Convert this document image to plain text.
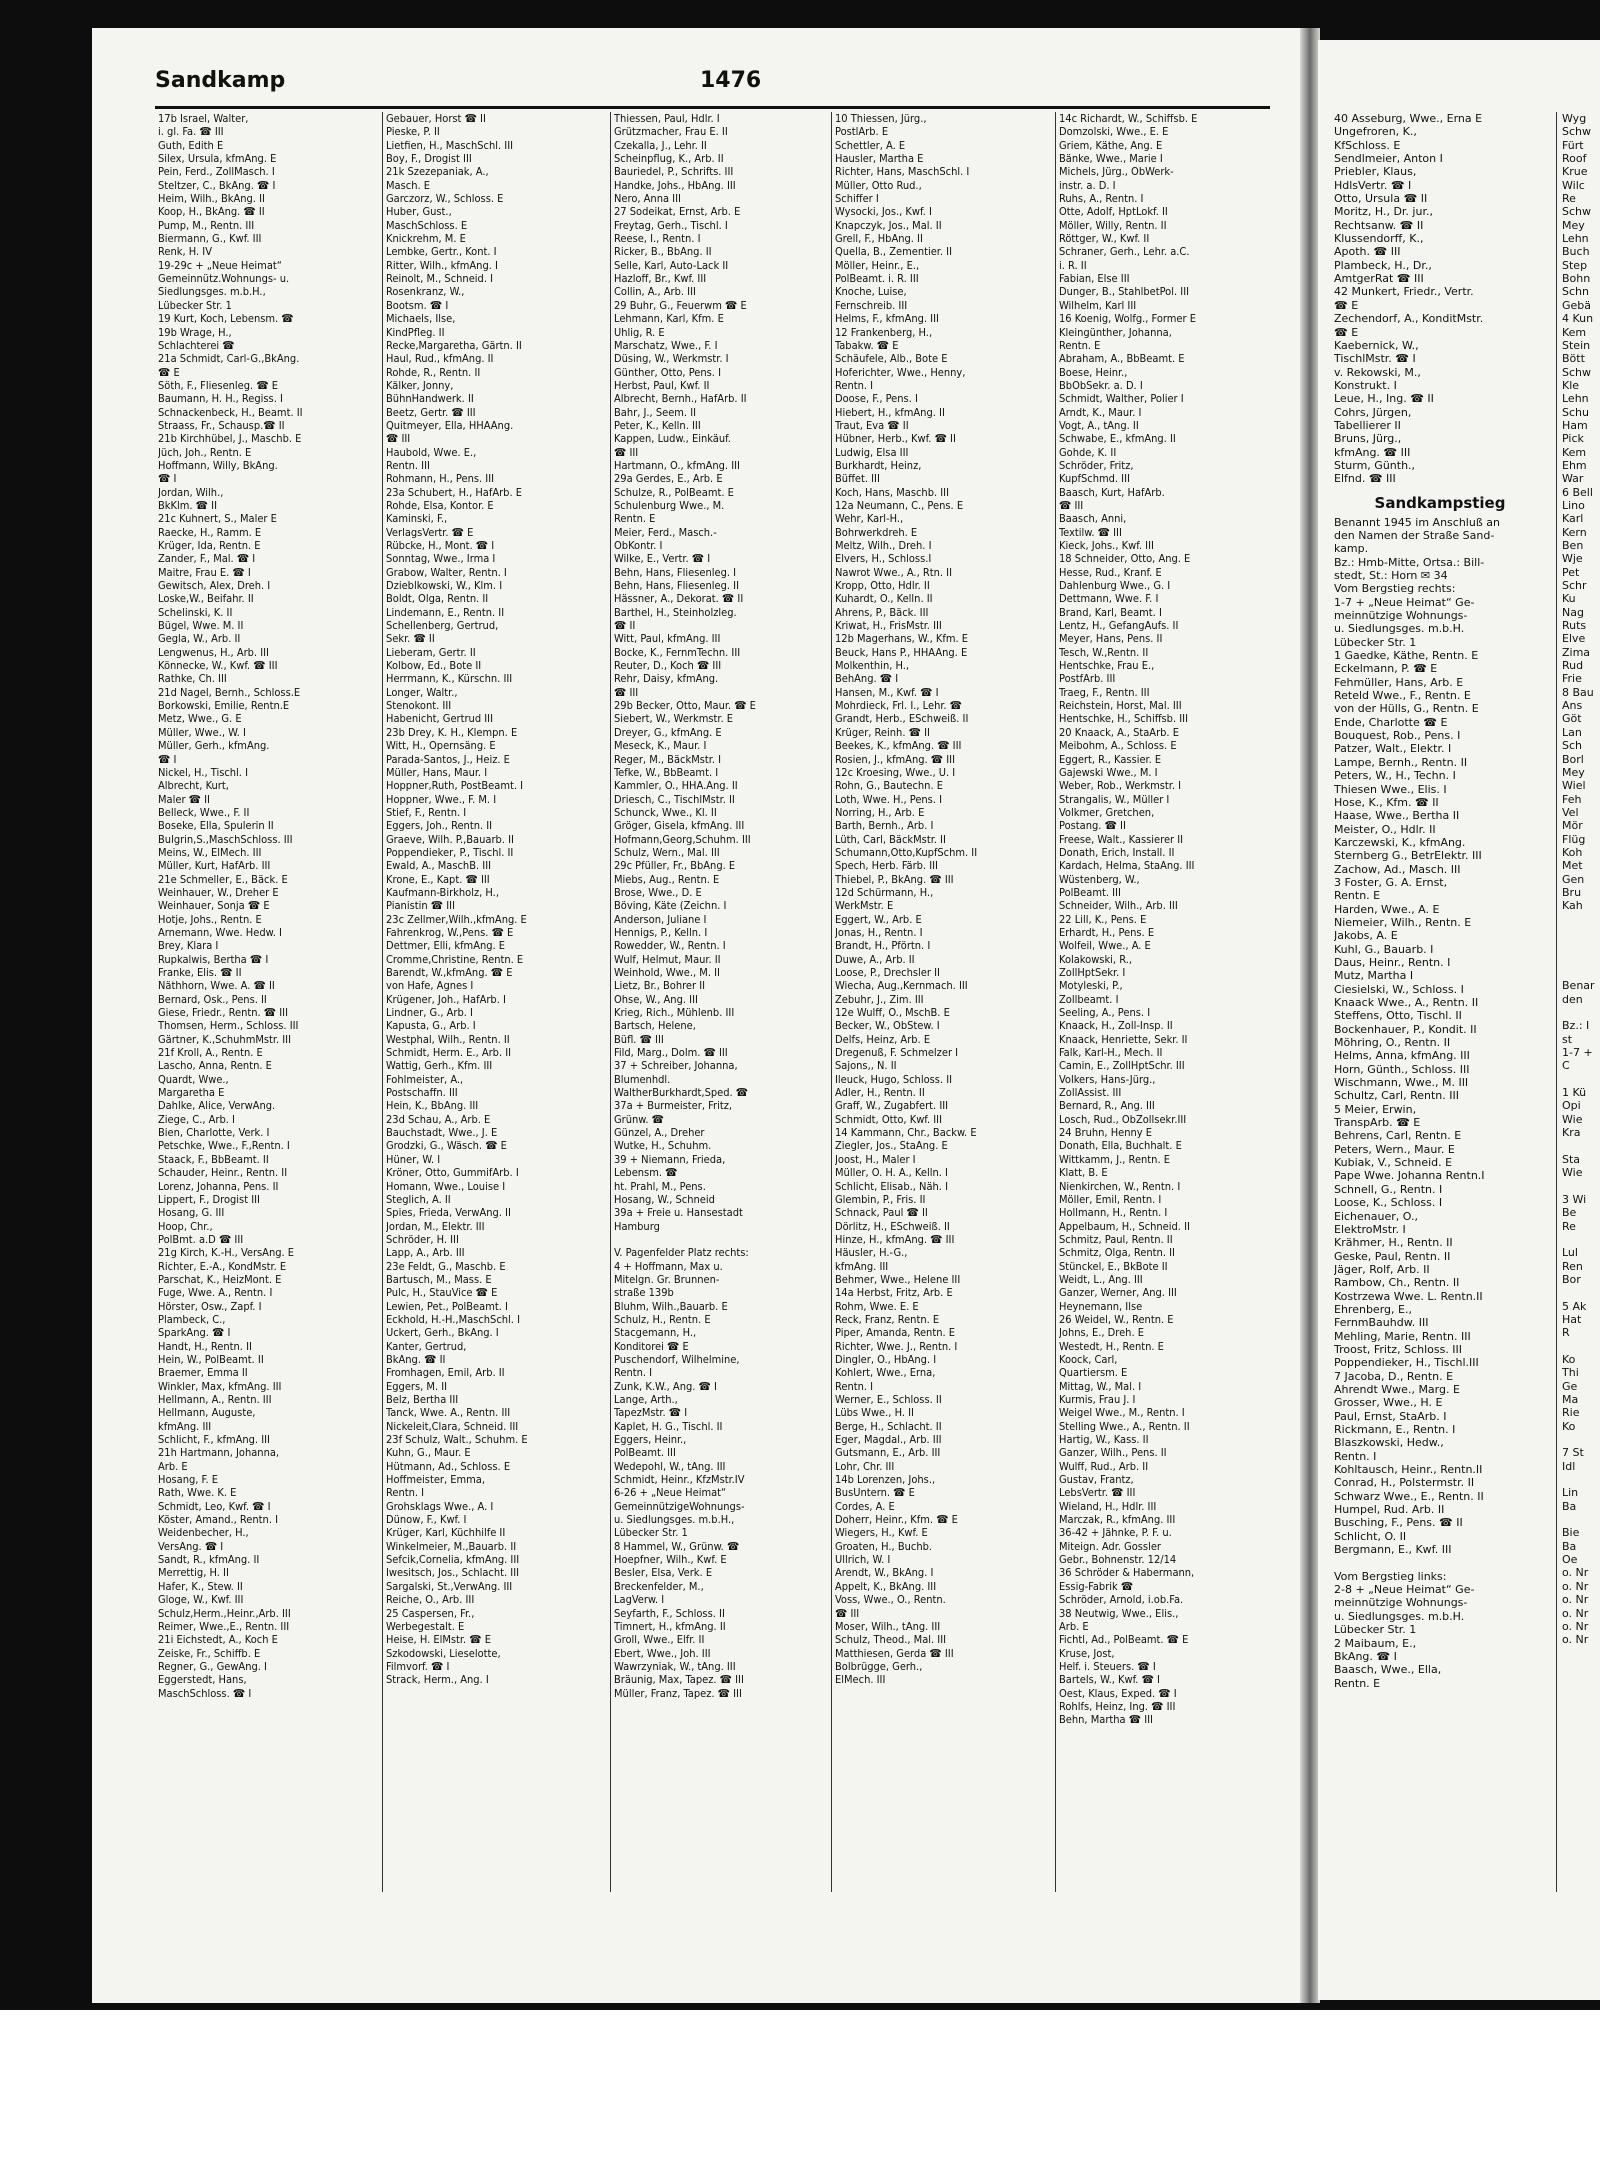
Sandkamp	1476
17b Israel, Walter,
i. gl. Fa. ☎ III
Guth, Edith E
Silex, Ursula, kfmAng. E
Pein, Ferd., ZollMasch. I
Steltzer, C., BkAng. ☎ I
Heim, Wilh., BkAng. II
Koop, H., BkAng. ☎ II
Pump, M., Rentn. III
Biermann, G., Kwf. III
Renk, H. IV
19-29c + „Neue Heimat“
Gemeinnütz.Wohnungs- u.
Siedlungsges. m.b.H.,
Lübecker Str. 1
19 Kurt, Koch, Lebensm. ☎
19b Wrage, H.,
Schlachterei ☎
21a Schmidt, Carl-G.,BkAng.
☎ E
Söth, F., Fliesenleg. ☎ E
Baumann, H. H., Regiss. I
Schnackenbeck, H., Beamt. II
Straass, Fr., Schausp.☎ II
21b Kirchhübel, J., Maschb. E
Jüch, Joh., Rentn. E
Hoffmann, Willy, BkAng.
☎ I
Jordan, Wilh.,
BkKlm. ☎ II
21c Kuhnert, S., Maler E
Raecke, H., Ramm. E
Krüger, Ida, Rentn. E
Zander, F., Mal. ☎ I
Maitre, Frau E. ☎ I
Gewitsch, Alex, Dreh. I
Loske,W., Beifahr. II
Schelinski, K. II
Bügel, Wwe. M. II
Gegla, W., Arb. II
Lengwenus, H., Arb. III
Könnecke, W., Kwf. ☎ III
Rathke, Ch. III
21d Nagel, Bernh., Schloss.E
Borkowski, Emilie, Rentn.E
Metz, Wwe., G. E
Müller, Wwe., W. I
Müller, Gerh., kfmAng.
☎ I
Nickel, H., Tischl. I
Albrecht, Kurt,
Maler ☎ II
Belleck, Wwe., F. II
Boseke, Ella, Spulerin II
Bulgrin,S.,MaschSchloss. III
Meins, W., ElMech. III
Müller, Kurt, HafArb. III
21e Schmeller, E., Bäck. E
Weinhauer, W., Dreher E
Weinhauer, Sonja ☎ E
Hotje, Johs., Rentn. E
Arnemann, Wwe. Hedw. I
Brey, Klara I
Rupkalwis, Bertha ☎ I
Franke, Elis. ☎ II
Näthhorn, Wwe. A. ☎ II
Bernard, Osk., Pens. II
Giese, Friedr., Rentn. ☎ III
Thomsen, Herm., Schloss. III
Gärtner, K.,SchuhmMstr. III
21f Kroll, A., Rentn. E
Lascho, Anna, Rentn. E
Quardt, Wwe.,
Margaretha E
Dahlke, Alice, VerwAng.
Ziege, C., Arb. I
Bien, Charlotte, Verk. I
Petschke, Wwe., F.,Rentn. I
Staack, F., BbBeamt. II
Schauder, Heinr., Rentn. II
Lorenz, Johanna, Pens. II
Lippert, F., Drogist III
Hosang, G. III
Hoop, Chr.,
PolBmt. a.D ☎ III
21g Kirch, K.-H., VersAng. E
Richter, E.-A., KondMstr. E
Parschat, K., HeizMont. E
Fuge, Wwe. A., Rentn. I
Hörster, Osw., Zapf. I
Plambeck, C.,
SparkAng. ☎ I
Handt, H., Rentn. II
Hein, W., PolBeamt. II
Braemer, Emma II
Winkler, Max, kfmAng. III
Hellmann, A., Rentn. III
Hellmann, Auguste,
kfmAng. III
Schlicht, F., kfmAng. III
21h Hartmann, Johanna,
Arb. E
Hosang, F. E
Rath, Wwe. K. E
Schmidt, Leo, Kwf. ☎ I
Köster, Amand., Rentn. I
Weidenbecher, H.,
VersAng. ☎ I
Sandt, R., kfmAng. II
Merrettig, H. II
Hafer, K., Stew. II
Gloge, W., Kwf. III
Schulz,Herm.,Heinr.,Arb. III
Reimer, Wwe.,E., Rentn. III
21i Eichstedt, A., Koch E
Zeiske, Fr., Schiffb. E
Regner, G., GewAng. I
Eggerstedt, Hans,
MaschSchloss. ☎ I
Gebauer, Horst ☎ II
Pieske, P. II
Lietfien, H., MaschSchl. III
Boy, F., Drogist III
21k Szezepaniak, A.,
Masch. E
Garczorz, W., Schloss. E
Huber, Gust.,
MaschSchloss. E
Knickrehm, M. E
Lembke, Gertr., Kont. I
Ritter, Wilh., kfmAng. I
Reinolt, M., Schneid. I
Rosenkranz, W.,
Bootsm. ☎ I
Michaels, Ilse,
KindPfleg. II
Recke,Margaretha, Gärtn. II
Haul, Rud., kfmAng. II
Rohde, R., Rentn. II
Kälker, Jonny,
BühnHandwerk. II
Beetz, Gertr. ☎ III
Quitmeyer, Ella, HHAAng.
☎ III
Haubold, Wwe. E.,
Rentn. III
Rohmann, H., Pens. III
23a Schubert, H., HafArb. E
Rohde, Elsa, Kontor. E
Kaminski, F.,
VerlagsVertr. ☎ E
Rübcke, H., Mont. ☎ I
Sonntag, Wwe., Irma I
Grabow, Walter, Rentn. I
Dzieblkowski, W., Klm. I
Boldt, Olga, Rentn. II
Lindemann, E., Rentn. II
Schellenberg, Gertrud,
Sekr. ☎ II
Lieberam, Gertr. II
Kolbow, Ed., Bote II
Herrmann, K., Kürschn. III
Longer, Waltr.,
Stenokont. III
Habenicht, Gertrud III
23b Drey, K. H., Klempn. E
Witt, H., Opernsäng. E
Parada-Santos, J., Heiz. E
Müller, Hans, Maur. I
Hoppner,Ruth, PostBeamt. I
Hoppner, Wwe., F. M. I
Stief, F., Rentn. I
Eggers, Joh., Rentn. II
Graeve, Wilh. P.,Bauarb. II
Poppendieker, P., Tischl. II
Ewald, A., MaschB. III
Krone, E., Kapt. ☎ III
Kaufmann-Birkholz, H.,
Pianistin ☎ III
23c Zellmer,Wilh.,kfmAng. E
Fahrenkrog, W.,Pens. ☎ E
Dettmer, Elli, kfmAng. E
Cromme,Christine, Rentn. E
Barendt, W.,kfmAng. ☎ E
von Hafe, Agnes I
Krügener, Joh., HafArb. I
Lindner, G., Arb. I
Kapusta, G., Arb. I
Westphal, Wilh., Rentn. II
Schmidt, Herm. E., Arb. II
Wattig, Gerh., Kfm. III
Fohlmeister, A.,
Postschaffn. III
Hein, K., BbAng. III
23d Schau, A., Arb. E
Bauchstadt, Wwe., J. E
Grodzki, G., Wäsch. ☎ E
Hüner, W. I
Kröner, Otto, GummifArb. I
Homann, Wwe., Louise I
Steglich, A. II
Spies, Frieda, VerwAng. II
Jordan, M., Elektr. III
Schröder, H. III
Lapp, A., Arb. III
23e Feldt, G., Maschb. E
Bartusch, M., Mass. E
Pulc, H., StauVice ☎ E
Lewien, Pet., PolBeamt. I
Eckhold, H.-H.,MaschSchl. I
Uckert, Gerh., BkAng. I
Kanter, Gertrud,
BkAng. ☎ II
Fromhagen, Emil, Arb. II
Eggers, M. II
Belz, Bertha III
Tanck, Wwe. A., Rentn. III
Nickeleit,Clara, Schneid. III
23f Schulz, Walt., Schuhm. E
Kuhn, G., Maur. E
Hütmann, Ad., Schloss. E
Hoffmeister, Emma,
Rentn. I
Grohsklags Wwe., A. I
Dünow, F., Kwf. I
Krüger, Karl, Küchhilfe II
Winkelmeier, M.,Bauarb. II
Sefcik,Cornelia, kfmAng. III
Iwesitsch, Jos., Schlacht. III
Sargalski, St.,VerwAng. III
Reiche, O., Arb. III
25 Caspersen, Fr.,
Werbegestalt. E
Heise, H. ElMstr. ☎ E
Szkodowski, Lieselotte,
Filmvorf. ☎ I
Strack, Herm., Ang. I
Thiessen, Paul, Hdlr. I
Grützmacher, Frau E. II
Czekalla, J., Lehr. II
Scheinpflug, K., Arb. II
Bauriedel, P., Schrifts. III
Handke, Johs., HbAng. III
Nero, Anna III
27 Sodeikat, Ernst, Arb. E
Freytag, Gerh., Tischl. I
Reese, I., Rentn. I
Ricker, B., BbAng. II
Selle, Karl, Auto-Lack II
Hazloff, Br., Kwf. III
Collin, A., Arb. III
29 Buhr, G., Feuerwm ☎ E
Lehmann, Karl, Kfm. E
Uhlig, R. E
Marschatz, Wwe., F. I
Düsing, W., Werkmstr. I
Günther, Otto, Pens. I
Herbst, Paul, Kwf. II
Albrecht, Bernh., HafArb. II
Bahr, J., Seem. II
Peter, K., Kelln. III
Kappen, Ludw., Einkäuf.
☎ III
Hartmann, O., kfmAng. III
29a Gerdes, E., Arb. E
Schulze, R., PolBeamt. E
Schulenburg Wwe., M.
Rentn. E
Meier, Ferd., Masch.-
ObKontr. I
Wilke, E., Vertr. ☎ I
Behn, Hans, Fliesenleg. I
Behn, Hans, Fliesenleg. II
Hässner, A., Dekorat. ☎ II
Barthel, H., Steinholzleg.
☎ II
Witt, Paul, kfmAng. III
Bocke, K., FernmTechn. III
Reuter, D., Koch ☎ III
Rehr, Daisy, kfmAng.
☎ III
29b Becker, Otto, Maur. ☎ E
Siebert, W., Werkmstr. E
Dreyer, G., kfmAng. E
Meseck, K., Maur. I
Reger, M., BäckMstr. I
Tefke, W., BbBeamt. I
Kammler, O., HHA.Ang. II
Driesch, C., TischlMstr. II
Schunck, Wwe., Kl. II
Gröger, Gisela, kfmAng. III
Hofmann,Georg,Schuhm. III
Schulz, Wern., Mal. III
29c Pfüller, Fr., BbAng. E
Miebs, Aug., Rentn. E
Brose, Wwe., D. E
Böving, Käte (Zeichn. I
Anderson, Juliane I
Hennigs, P., Kelln. I
Rowedder, W., Rentn. I
Wulf, Helmut, Maur. II
Weinhold, Wwe., M. II
Lietz, Br., Bohrer II
Ohse, W., Ang. III
Krieg, Rich., Mühlenb. III
Bartsch, Helene,
Büfl. ☎ III
Fild, Marg., Dolm. ☎ III
37 + Schreiber, Johanna,
Blumenhdl.
WaltherBurkhardt,Sped. ☎
37a + Burmeister, Fritz,
Grünw. ☎
Günzel, A., Dreher
Wutke, H., Schuhm.
39 + Niemann, Frieda,
Lebensm. ☎
ht. Prahl, M., Pens.
Hosang, W., Schneid
39a + Freie u. Hansestadt
Hamburg

V. Pagenfelder Platz rechts:
4 + Hoffmann, Max u.
Mitelgn. Gr. Brunnen-
straße 139b
Bluhm, Wilh.,Bauarb. E
Schulz, H., Rentn. E
Stacgemann, H.,
Konditorei ☎ E
Puschendorf, Wilhelmine,
Rentn. I
Zunk, K.W., Ang. ☎ I
Lange, Arth.,
TapezMstr. ☎ I
Kaplet, H. G., Tischl. II
Eggers, Heinr.,
PolBeamt. III
Wedepohl, W., tAng. III
Schmidt, Heinr., KfzMstr.IV
6-26 + „Neue Heimat“
GemeinnützigeWohnungs-
u. Siedlungsges. m.b.H.,
Lübecker Str. 1
8 Hammel, W., Grünw. ☎
Hoepfner, Wilh., Kwf. E
Besler, Elsa, Verk. E
Breckenfelder, M.,
LagVerw. I
Seyfarth, F., Schloss. II
Timnert, H., kfmAng. II
Groll, Wwe., Elfr. II
Ebert, Wwe., Joh. III
Wawrzyniak, W., tAng. III
Bräunig, Max, Tapez. ☎ III
Müller, Franz, Tapez. ☎ III
10 Thiessen, Jürg.,
PostlArb. E
Schettler, A. E
Hausler, Martha E
Richter, Hans, MaschSchl. I
Müller, Otto Rud.,
Schiffer I
Wysocki, Jos., Kwf. I
Knapczyk, Jos., Mal. II
Grell, F., HbAng. II
Quella, B., Zementier. II
Möller, Heinr., E.,
PolBeamt. i. R. III
Knoche, Luise,
Fernschreib. III
Helms, F., kfmAng. III
12 Frankenberg, H.,
Tabakw. ☎ E
Schäufele, Alb., Bote E
Hoferichter, Wwe., Henny,
Rentn. I
Doose, F., Pens. I
Hiebert, H., kfmAng. II
Traut, Eva ☎ II
Hübner, Herb., Kwf. ☎ II
Ludwig, Elsa III
Burkhardt, Heinz,
Büffet. III
Koch, Hans, Maschb. III
12a Neumann, C., Pens. E
Wehr, Karl-H.,
Bohrwerkdreh. E
Meltz, Wilh., Dreh. I
Elvers, H., Schloss.I
Nawrot Wwe., A., Rtn. II
Kropp, Otto, Hdlr. II
Kuhardt, O., Kelln. II
Ahrens, P., Bäck. III
Kriwat, H., FrisMstr. III
12b Magerhans, W., Kfm. E
Beuck, Hans P., HHAAng. E
Molkenthin, H.,
BehAng. ☎ I
Hansen, M., Kwf. ☎ I
Mohrdieck, Frl. I., Lehr. ☎
Grandt, Herb., ESchweiß. II
Krüger, Reinh. ☎ II
Beekes, K., kfmAng. ☎ III
Rosien, J., kfmAng. ☎ III
12c Kroesing, Wwe., U. I
Rohn, G., Bautechn. E
Loth, Wwe. H., Pens. I
Norring, H., Arb. E
Barth, Bernh., Arb. I
Lüth, Carl, BäckMstr. II
Schumann,Otto,KupfSchm. II
Spech, Herb. Färb. III
Thiebel, P., BkAng. ☎ III
12d Schürmann, H.,
WerkMstr. E
Eggert, W., Arb. E
Jonas, H., Rentn. I
Brandt, H., Pförtn. I
Duwe, A., Arb. II
Loose, P., Drechsler II
Wiecha, Aug.,Kernmach. III
Zebuhr, J., Zim. III
12e Wulff, O., MschB. E
Becker, W., ObStew. I
Delfs, Heinz, Arb. E
Dregenuß, F. Schmelzer I
Sajons,, N. II
Ileuck, Hugo, Schloss. II
Adler, H., Rentn. II
Graff, W., Zugabfert. III
Schmidt, Otto, Kwf. III
14 Kammann, Chr., Backw. E
Ziegler, Jos., StaAng. E
Joost, H., Maler I
Müller, O. H. A., Kelln. I
Schlicht, Elisab., Näh. I
Glembin, P., Fris. II
Schnack, Paul ☎ II
Dörlitz, H., ESchweiß. II
Hinze, H., kfmAng. ☎ III
Häusler, H.-G.,
kfmAng. III
Behmer, Wwe., Helene III
14a Herbst, Fritz, Arb. E
Rohm, Wwe. E. E
Reck, Franz, Rentn. E
Piper, Amanda, Rentn. E
Richter, Wwe. J., Rentn. I
Dingler, O., HbAng. I
Kohlert, Wwe., Erna,
Rentn. I
Werner, E., Schloss. II
Lübs Wwe., H. II
Berge, H., Schlacht. II
Eger, Magdal., Arb. III
Gutsmann, E., Arb. III
Lohr, Chr. III
14b Lorenzen, Johs.,
BusUntern. ☎ E
Cordes, A. E
Doherr, Heinr., Kfm. ☎ E
Wiegers, H., Kwf. E
Groaten, H., Buchb.
Ullrich, W. I
Arendt, W., BkAng. I
Appelt, K., BkAng. III
Voss, Wwe., O., Rentn.
☎ III
Moser, Wilh., tAng. III
Schulz, Theod., Mal. III
Matthiesen, Gerda ☎ III
Bolbrügge, Gerh.,
ElMech. III
14c Richardt, W., Schiffsb. E
Domzolski, Wwe., E. E
Griem, Käthe, Ang. E
Bänke, Wwe., Marie I
Michels, Jürg., ObWerk-
instr. a. D. I
Ruhs, A., Rentn. I
Otte, Adolf, HptLokf. II
Möller, Willy, Rentn. II
Röttger, W., Kwf. II
Schraner, Gerh., Lehr. a.C.
i. R. II
Fabian, Else III
Dunger, B., StahlbetPol. III
Wilhelm, Karl III
16 Koenig, Wolfg., Former E
Kleingünther, Johanna,
Rentn. E
Abraham, A., BbBeamt. E
Boese, Heinr.,
BbObSekr. a. D. I
Schmidt, Walther, Polier I
Arndt, K., Maur. I
Vogt, A., tAng. II
Schwabe, E., kfmAng. II
Gohde, K. II
Schröder, Fritz,
KupfSchmd. III
Baasch, Kurt, HafArb.
☎ III
Baasch, Anni,
Textilw. ☎ III
Kieck, Johs., Kwf. III
18 Schneider, Otto, Ang. E
Hesse, Rud., Kranf. E
Dahlenburg Wwe., G. I
Dettmann, Wwe. F. I
Brand, Karl, Beamt. I
Lentz, H., GefangAufs. II
Meyer, Hans, Pens. II
Tesch, W.,Rentn. II
Hentschke, Frau E.,
PostfArb. III
Traeg, F., Rentn. III
Reichstein, Horst, Mal. III
Hentschke, H., Schiffsb. III
20 Knaack, A., StaArb. E
Meibohm, A., Schloss. E
Eggert, R., Kassier. E
Gajewski Wwe., M. I
Weber, Rob., Werkmstr. I
Strangalis, W., Müller I
Volkmer, Gretchen,
Postang. ☎ II
Freese, Walt., Kassierer II
Donath, Erich, Install. II
Kardach, Helma, StaAng. III
Wüstenberg, W.,
PolBeamt. III
Schneider, Wilh., Arb. III
22 Lill, K., Pens. E
Erhardt, H., Pens. E
Wolfeil, Wwe., A. E
Kolakowski, R.,
ZollHptSekr. I
Motyleski, P.,
Zollbeamt. I
Seeling, A., Pens. I
Knaack, H., Zoll-Insp. II
Knaack, Henriette, Sekr. II
Falk, Karl-H., Mech. II
Camin, E., ZollHptSchr. III
Volkers, Hans-Jürg.,
ZollAssist. III
Bernard, R., Ang. III
Losch, Rud., ObZollsekr.III
24 Bruhn, Henny E
Donath, Ella, Buchhalt. E
Wittkamm, J., Rentn. E
Klatt, B. E
Nienkirchen, W., Rentn. I
Möller, Emil, Rentn. I
Hollmann, H., Rentn. I
Appelbaum, H., Schneid. II
Schmitz, Paul, Rentn. II
Schmitz, Olga, Rentn. II
Stünckel, E., BkBote II
Weidt, L., Ang. III
Ganzer, Werner, Ang. III
Heynemann, Ilse
26 Weidel, W., Rentn. E
Johns, E., Dreh. E
Westedt, H., Rentn. E
Koock, Carl,
Quartiersm. E
Mittag, W., Mal. I
Kurmis, Frau J. I
Weigel Wwe., M., Rentn. I
Stelling Wwe., A., Rentn. II
Hartig, W., Kass. II
Ganzer, Wilh., Pens. II
Wulff, Rud., Arb. II
Gustav, Frantz,
LebsVertr. ☎ III
Wieland, H., Hdlr. III
Marczak, R., kfmAng. III
36-42 + Jähnke, P. F. u.
Miteign. Adr. Gossler
Gebr., Bohnenstr. 12/14
36 Schröder & Habermann,
Essig-Fabrik ☎
Schröder, Arnold, i.ob.Fa.
38 Neutwig, Wwe., Elis.,
Arb. E
Fichtl, Ad., PolBeamt. ☎ E
Kruse, Jost,
Helf. i. Steuers. ☎ I
Bartels, W., Kwf. ☎ I
Oest, Klaus, Exped. ☎ I
Rohlfs, Heinz, Ing. ☎ III
Behn, Martha ☎ III
40 Asseburg, Wwe., Erna E
Ungefroren, K.,
KfSchloss. E
Sendlmeier, Anton I
Priebler, Klaus,
HdlsVertr. ☎ I
Otto, Ursula ☎ II
Moritz, H., Dr. jur.,
Rechtsanw. ☎ II
Klussendorff, K.,
Apoth. ☎ III
Plambeck, H., Dr.,
AmtgerRat ☎ III
42 Munkert, Friedr., Vertr.
☎ E
Zechendorf, A., KonditMstr.
☎ E
Kaebernick, W.,
TischlMstr. ☎ I
v. Rekowski, M.,
Konstrukt. I
Leue, H., Ing. ☎ II
Cohrs, Jürgen,
Tabellierer II
Bruns, Jürg.,
kfmAng. ☎ III
Sturm, Günth.,
Elfnd. ☎ III
Sandkampstieg
Benannt 1945 im Anschluß an
den Namen der Straße Sand-
kamp.
Bz.: Hmb-Mitte, Ortsa.: Bill-
stedt, St.: Horn ✉ 34
Vom Bergstieg rechts:
1-7 + „Neue Heimat“ Ge-
meinnützige Wohnungs-
u. Siedlungsges. m.b.H.
Lübecker Str. 1
1 Gaedke, Käthe, Rentn. E
Eckelmann, P. ☎ E
Fehmüller, Hans, Arb. E
Reteld Wwe., F., Rentn. E
von der Hülls, G., Rentn. E
Ende, Charlotte ☎ E
Bouquest, Rob., Pens. I
Patzer, Walt., Elektr. I
Lampe, Bernh., Rentn. II
Peters, W., H., Techn. I
Thiesen Wwe., Elis. I
Hose, K., Kfm. ☎ II
Haase, Wwe., Bertha II
Meister, O., Hdlr. II
Karczewski, K., kfmAng.
Sternberg G., BetrElektr. III
Zachow, Ad., Masch. III
3 Foster, G. A. Ernst,
Rentn. E
Harden, Wwe., A. E
Niemeier, Wilh., Rentn. E
Jakobs, A. E
Kuhl, G., Bauarb. I
Daus, Heinr., Rentn. I
Mutz, Martha I
Ciesielski, W., Schloss. I
Knaack Wwe., A., Rentn. II
Steffens, Otto, Tischl. II
Bockenhauer, P., Kondit. II
Möhring, O., Rentn. II
Helms, Anna, kfmAng. III
Horn, Günth., Schloss. III
Wischmann, Wwe., M. III
Schultz, Carl, Rentn. III
5 Meier, Erwin,
TranspArb. ☎ E
Behrens, Carl, Rentn. E
Peters, Wern., Maur. E
Kubiak, V., Schneid. E
Pape Wwe. Johanna Rentn.I
Schnell, G., Rentn. I
Loose, K., Schloss. I
Eichenauer, O.,
ElektroMstr. I
Krähmer, H., Rentn. II
Geske, Paul, Rentn. II
Jäger, Rolf, Arb. II
Rambow, Ch., Rentn. II
Kostrzewa Wwe. L. Rentn.II
Ehrenberg, E.,
FernmBauhdw. III
Mehling, Marie, Rentn. III
Troost, Fritz, Schloss. III
Poppendieker, H., Tischl.III
7 Jacoba, D., Rentn. E
Ahrendt Wwe., Marg. E
Grosser, Wwe., H. E
Paul, Ernst, StaArb. I
Rickmann, E., Rentn. I
Blaszkowski, Hedw.,
Rentn. I
Kohltausch, Heinr., Rentn.II
Conrad, H., Polstermstr. II
Schwarz Wwe., E., Rentn. II
Humpel, Rud. Arb. II
Busching, F., Pens. ☎ II
Schlicht, O. II
Bergmann, E., Kwf. III

Vom Bergstieg links:
2-8 + „Neue Heimat“ Ge-
meinnützige Wohnungs-
u. Siedlungsges. m.b.H.
Lübecker Str. 1
2 Maibaum, E.,
BkAng. ☎ I
Baasch, Wwe., Ella,
Rentn. E
Wyg
Schw
Fürt
Roof
Krue
Wilc
Re
Schw
Mey
Lehn
Buch
Step
Bohn
Schn
Gebä
4 Kun
Kem
Stein
Bött
Schw
Kle
Lehn
Schu
Ham
Pick
Kem
Ehm
War
6 Bell
Lino
Karl
Kern
Ben
Wje
Pet
Schr
Ku
Nag
Ruts
Elve
Zima
Rud
Frie
8 Bau
Ans
Göt
Lan
Sch
Borl
Mey
Wiel
Feh
Vel
Mör
Flüg
Koh
Met
Gen
Bru
Kah

Benar
den

Bz.: I
st
1-7 +
C

1 Kü
Opi
Wie
Kra

Sta
Wie

3 Wi
Be
Re

Lul
Ren
Bor

5 Ak
Hat
R

Ko
Thi
Ge
Ma
Rie
Ko

7 St
Idl

Lin
Ba

Bie
Ba
Oe
o. Nr
o. Nr
o. Nr
o. Nr
o. Nr
o. Nr
